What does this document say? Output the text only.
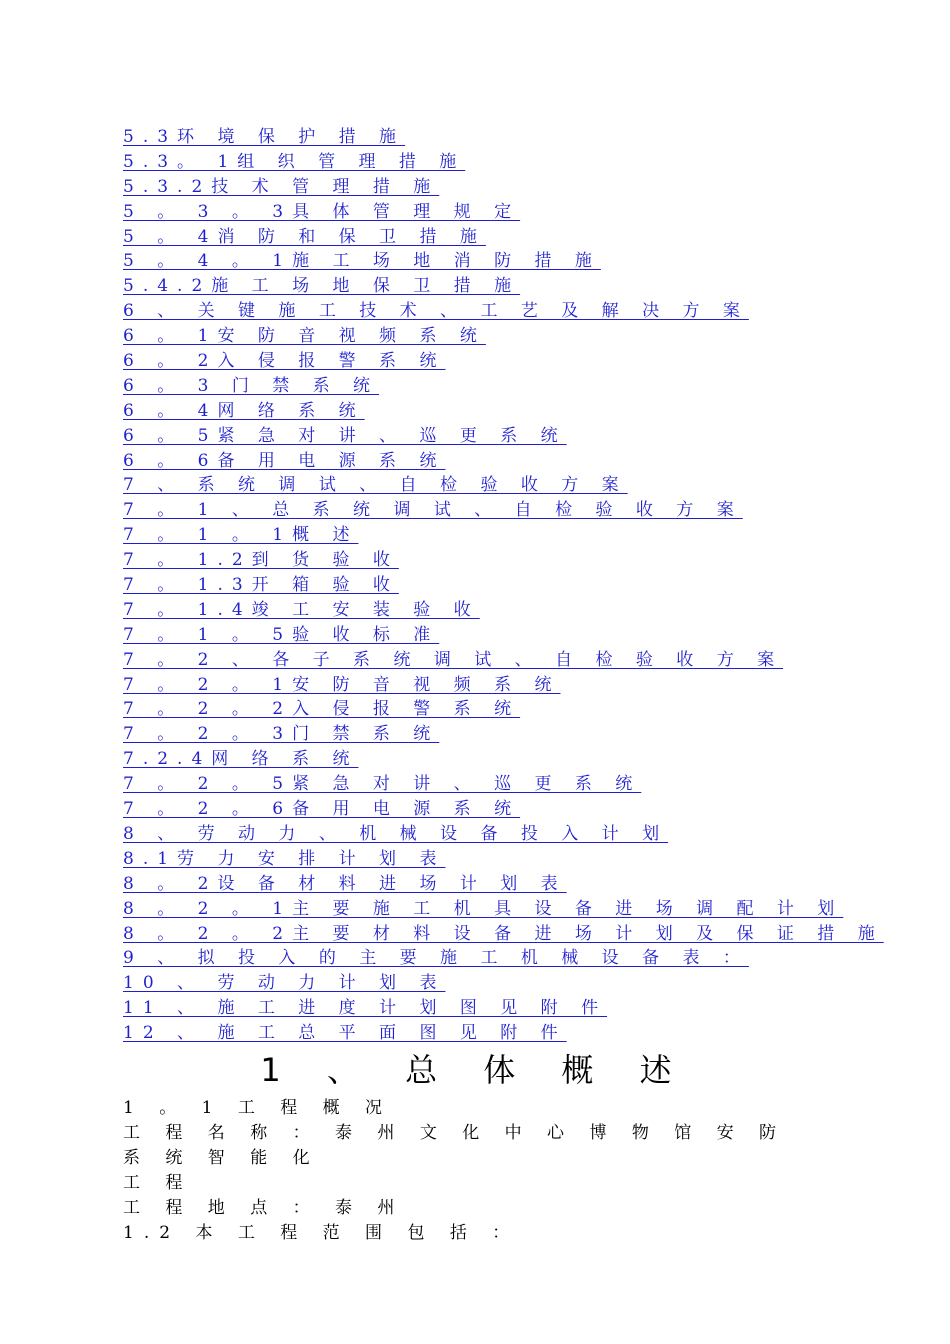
5.3环 境 保 护 措 施
5.3。 1组 织 管 理 措 施
5.3.2技 术 管 理 措 施
5 。 3 。 3具 体 管 理 规 定
5 。 4消 防 和 保 卫 措 施
5 。 4 。 1施 工 场 地 消 防 措 施
5.4.2施 工 场 地 保 卫 措 施
6 、 关 键 施 工 技 术 、 工 艺 及 解 决 方 案
6 。 1安 防 音 视 频 系 统
6 。 2入 侵 报 警 系 统
6 。 3 门 禁 系 统
6 。 4网 络 系 统
6 。 5紧 急 对 讲 、 巡 更 系 统
6 。 6备 用 电 源 系 统
7 、 系 统 调 试 、 自 检 验 收 方 案
7 。 1 、 总 系 统 调 试 、 自 检 验 收 方 案
7 。 1 。 1概 述
7 。 1.2到 货 验 收
7 。 1.3开 箱 验 收
7 。 1.4竣 工 安 装 验 收
7 。 1 。 5验 收 标 准
7 。 2 、 各 子 系 统 调 试 、 自 检 验 收 方 案
7 。 2 。 1安 防 音 视 频 系 统
7 。 2 。 2入 侵 报 警 系 统
7 。 2 。 3门 禁 系 统
7.2.4网 络 系 统
7 。 2 。 5紧 急 对 讲 、 巡 更 系 统
7 。 2 。 6备 用 电 源 系 统
8 、 劳 动 力 、 机 械 设 备 投 入 计 划
8.1劳 力 安 排 计 划 表
8 。 2设 备 材 料 进 场 计 划 表
8 。 2 。 1主 要 施 工 机 具 设 备 进 场 调 配 计 划
8 。 2 。 2主 要 材 料 设 备 进 场 计 划 及 保 证 措 施
9 、 拟 投 入 的 主 要 施 工 机 械 设 备 表 ：
10 、 劳 动 力 计 划 表
11 、 施 工 进 度 计 划 图 见 附 件
12 、 施 工 总 平 面 图 见 附 件
1 、 总 体 概 述

1 。 1 工 程 概 况

工 程 名 称 ： 泰 州 文 化 中 心 博 物 馆 安 防 系 统 智 能 化

工 程

工 程 地 点 ： 泰 州

1.2 本 工 程 范 围 包 括 ：
